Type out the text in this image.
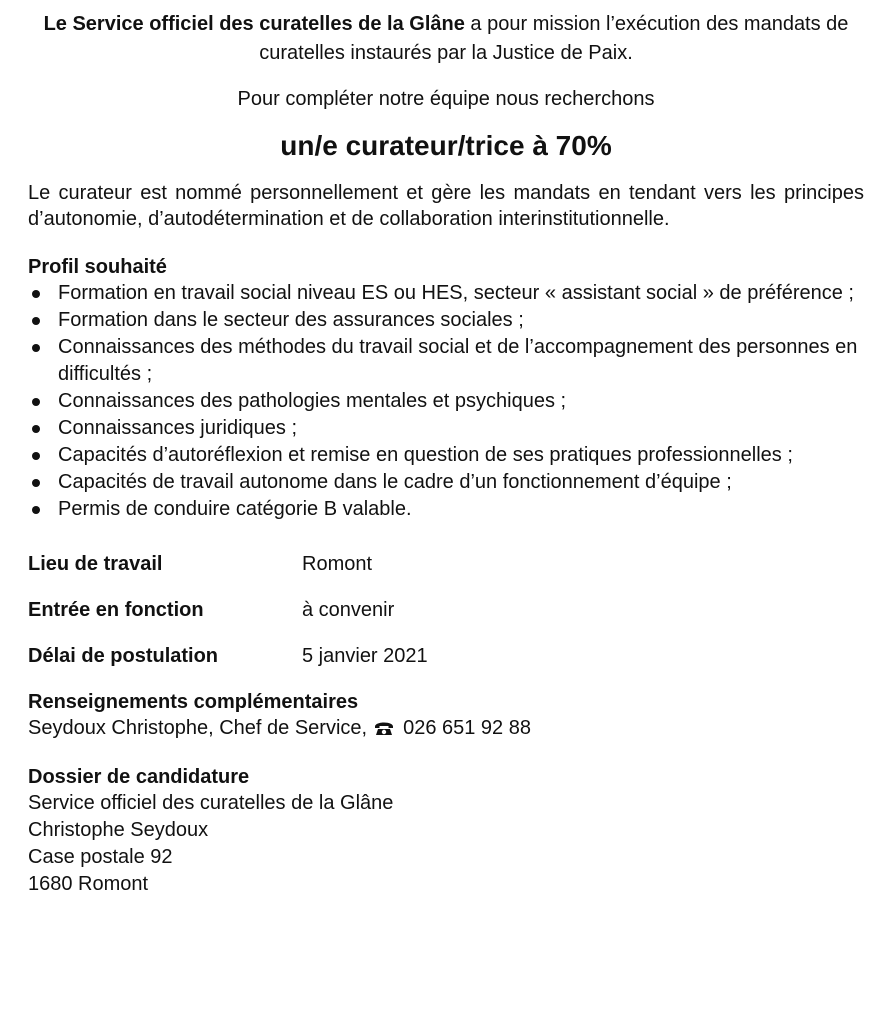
Le Service officiel des curatelles de la Glâne a pour mission l’exécution des mandats de curatelles instaurés par la Justice de Paix.

Pour compléter notre équipe nous recherchons

un/e curateur/trice à 70%

Le curateur est nommé personnellement et gère les mandats en tendant vers les principes d’autonomie, d’autodétermination et de collaboration interinstitutionnelle.

Profil souhaité
Formation en travail social niveau ES ou HES, secteur « assistant social » de préférence ;
Formation dans le secteur des assurances sociales ;
Connaissances des méthodes du travail social et de l’accompagnement des personnes en difficultés ;
Connaissances des pathologies mentales et psychiques ;
Connaissances juridiques ;
Capacités d’autoréflexion et remise en question de ses pratiques professionnelles ;
Capacités de travail autonome dans le cadre d’un fonctionnement d’équipe ;
Permis de conduire catégorie B valable.
Lieu de travail	Romont
Entrée en fonction	à convenir
Délai de postulation	5 janvier 2021
Renseignements complémentaires
Seydoux Christophe, Chef de Service, 026 651 92 88
Dossier de candidature
Service officiel des curatelles de la Glâne
Christophe Seydoux
Case postale 92
1680 Romont
